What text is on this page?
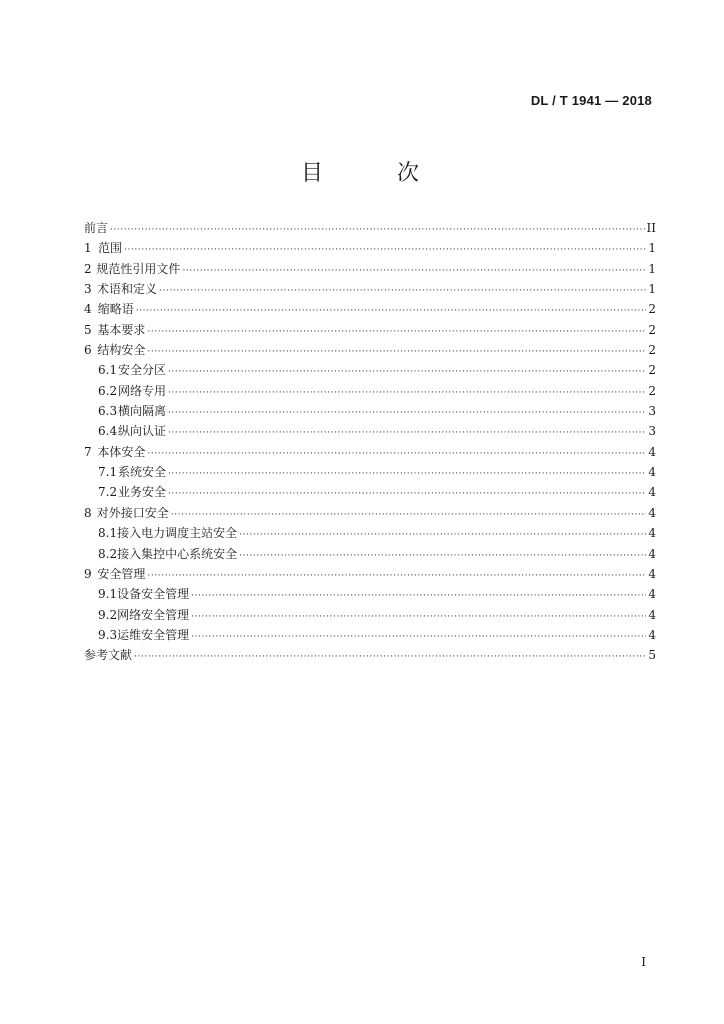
DL / T 1941 — 2018
目　次
前言 ·····	II
1 范围 ·····	1
2 规范性引用文件 ·····	1
3 术语和定义 ·····	1
4 缩略语 ·····	2
5 基本要求 ·····	2
6 结构安全 ·····	2
6.1 安全分区 ·····	2
6.2 网络专用 ·····	2
6.3 横向隔离 ·····	3
6.4 纵向认证 ·····	3
7 本体安全 ·····	4
7.1 系统安全 ·····	4
7.2 业务安全 ·····	4
8 对外接口安全 ·····	4
8.1 接入电力调度主站安全 ·····	4
8.2 接入集控中心系统安全 ·····	4
9 安全管理 ·····	4
9.1 设备安全管理 ·····	4
9.2 网络安全管理 ·····	4
9.3 运维安全管理 ·····	4
参考文献 ·····	5
I
